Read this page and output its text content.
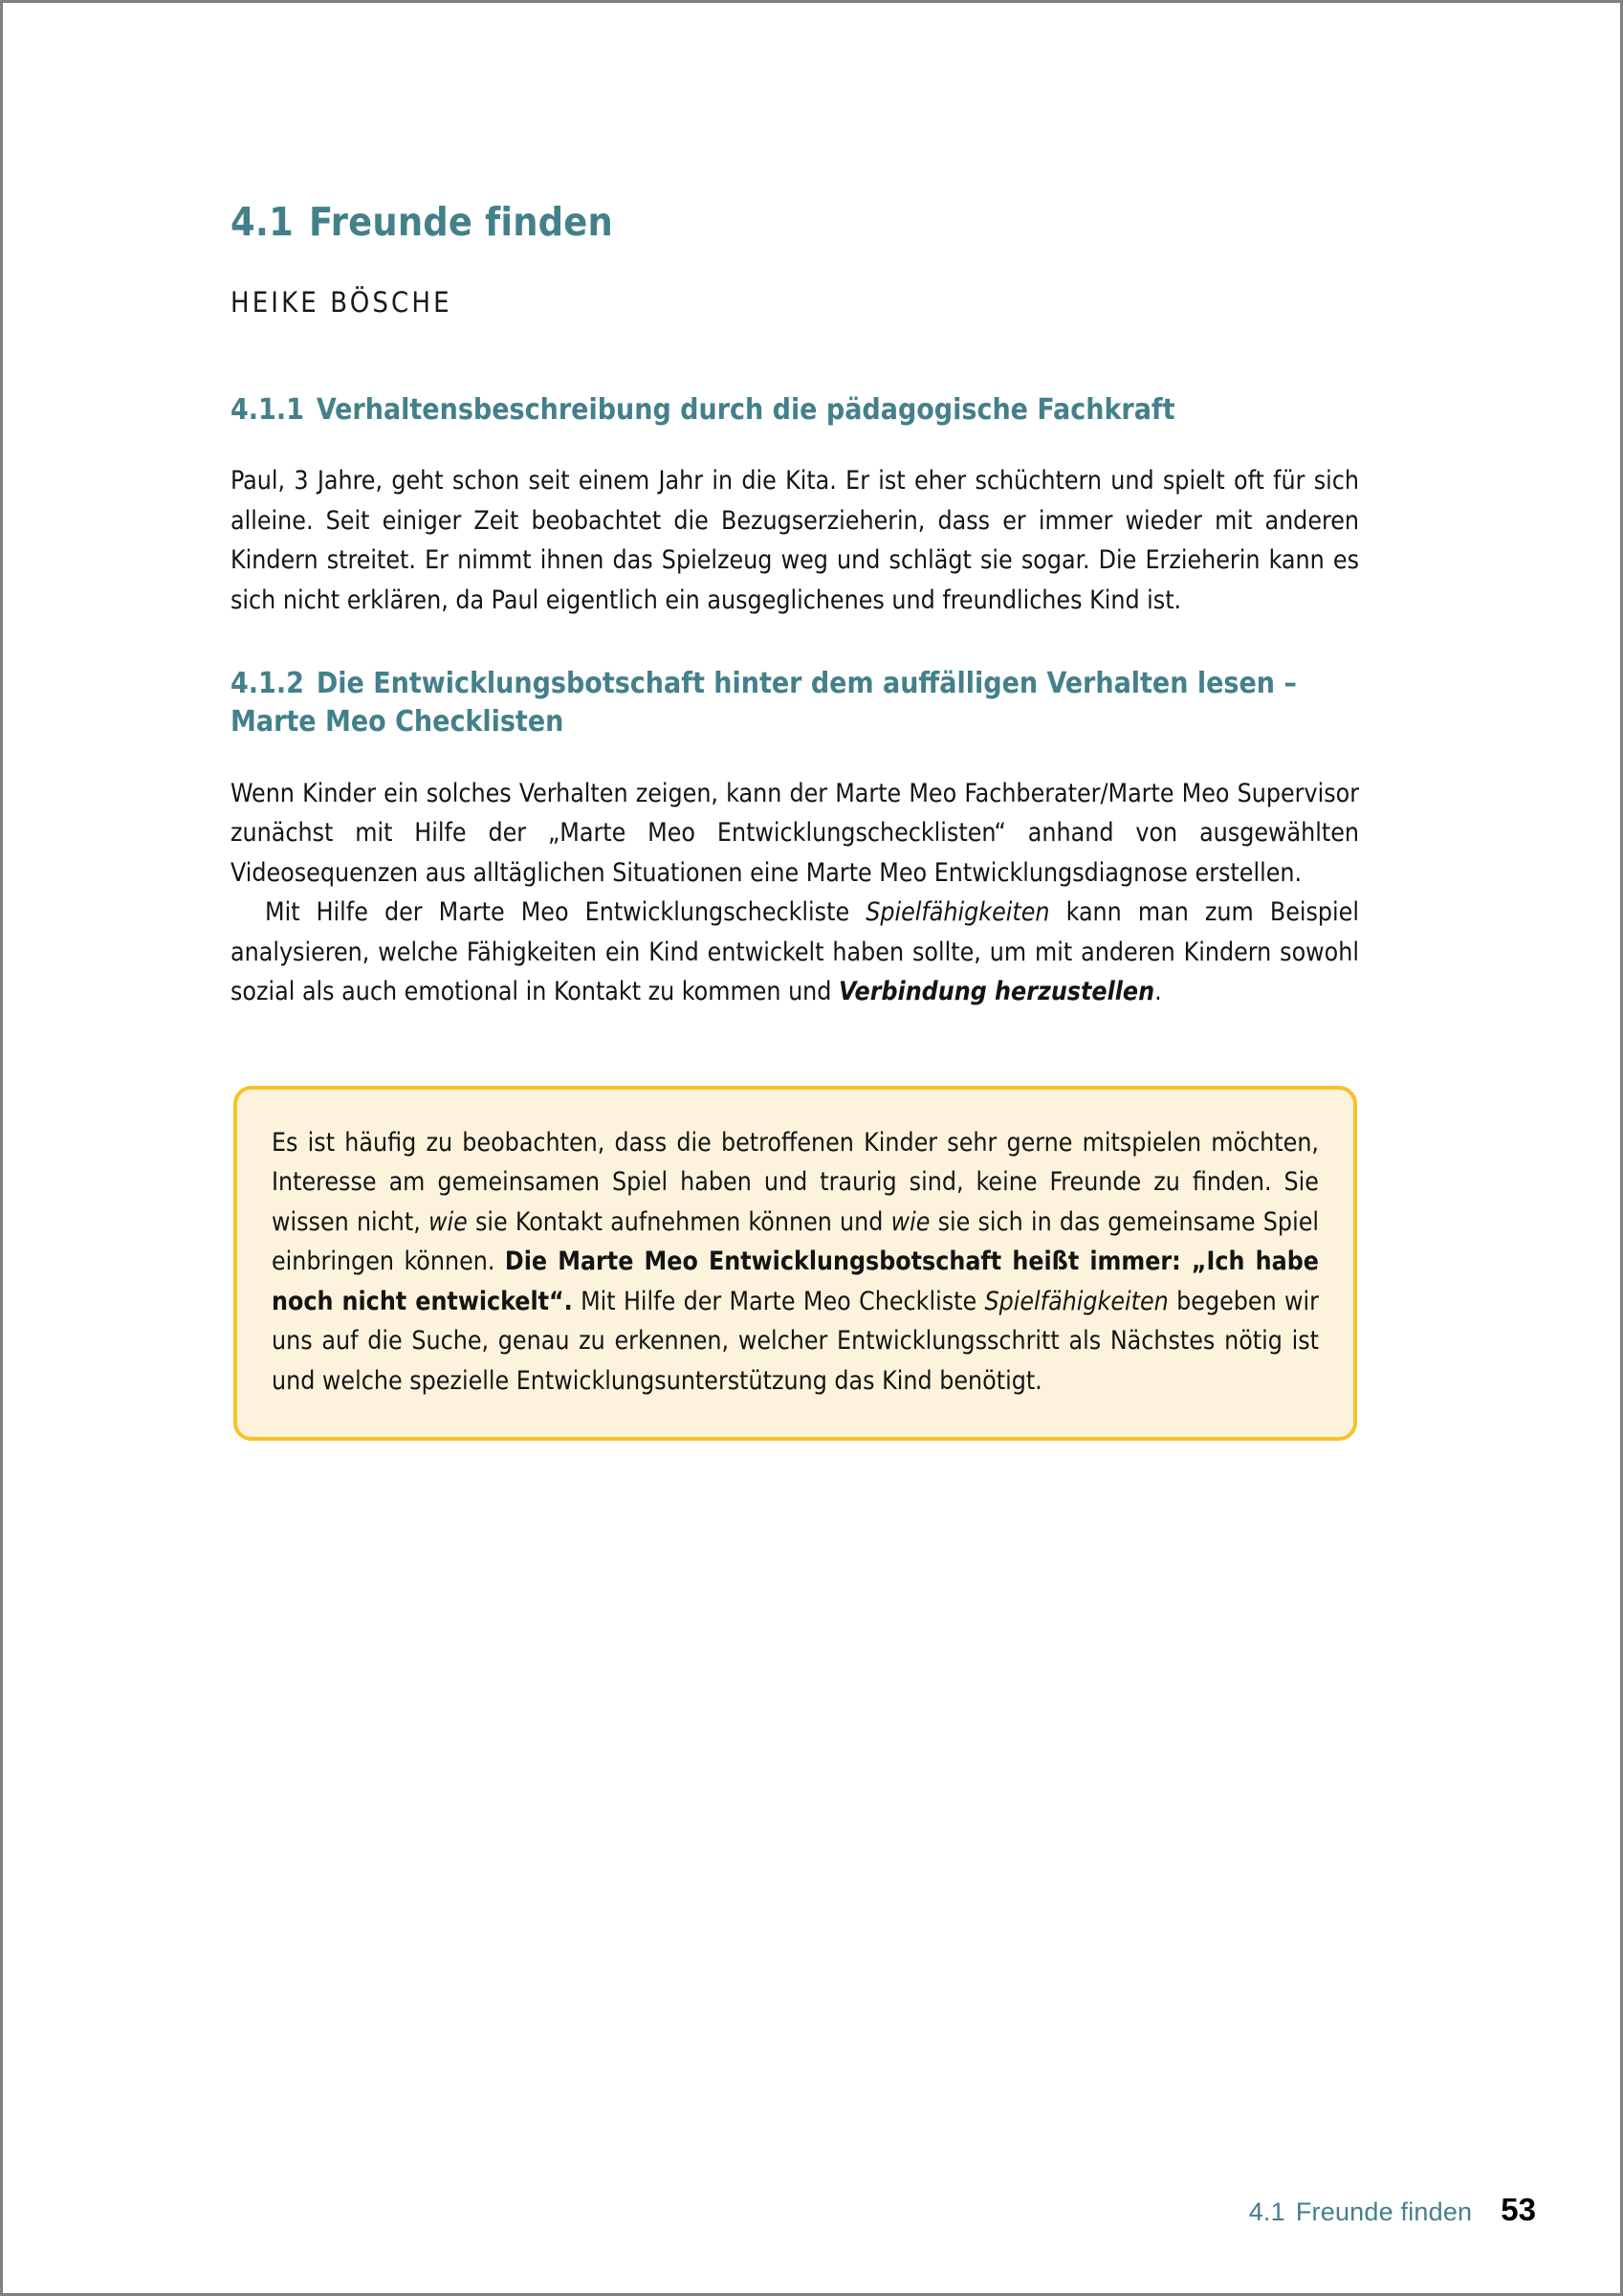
4.1 Freunde finden
HEIKE BÖSCHE
4.1.1 Verhaltensbeschreibung durch die pädagogische Fachkraft

Paul, 3 Jahre, geht schon seit einem Jahr in die Kita. Er ist eher schüchtern und spielt oft für sich alleine. Seit einiger Zeit beobachtet die Bezugserzieherin, dass er immer wieder mit anderen Kindern streitet. Er nimmt ihnen das Spielzeug weg und schlägt sie sogar. Die Erzieherin kann es sich nicht erklären, da Paul eigentlich ein ausgeglichenes und freundliches Kind ist.

4.1.2 Die Entwicklungsbotschaft hinter dem auffälligen Verhalten lesen – Marte Meo Checklisten

Wenn Kinder ein solches Verhalten zeigen, kann der Marte Meo Fachberater/Marte Meo Supervisor zunächst mit Hilfe der „Marte Meo Entwicklungschecklisten“ anhand von ausgewählten Videosequenzen aus alltäglichen Situationen eine Marte Meo Entwicklungsdiagnose erstellen.

Mit Hilfe der Marte Meo Entwicklungscheckliste Spielfähigkeiten kann man zum Beispiel analysieren, welche Fähigkeiten ein Kind entwickelt haben sollte, um mit anderen Kindern sowohl sozial als auch emotional in Kontakt zu kommen und Verbindung herzustellen.

Es ist häufig zu beobachten, dass die betroffenen Kinder sehr gerne mitspielen möchten, Interesse am gemeinsamen Spiel haben und traurig sind, keine Freunde zu finden. Sie wissen nicht, wie sie Kontakt aufnehmen können und wie sie sich in das gemeinsame Spiel einbringen können. Die Marte Meo Entwicklungsbotschaft heißt immer: „Ich habe noch nicht entwickelt“. Mit Hilfe der Marte Meo Checkliste Spielfähigkeiten begeben wir uns auf die Suche, genau zu erkennen, welcher Entwicklungsschritt als Nächstes nötig ist und welche spezielle Entwicklungsunterstützung das Kind benötigt.

4.1 Freunde finden 53
